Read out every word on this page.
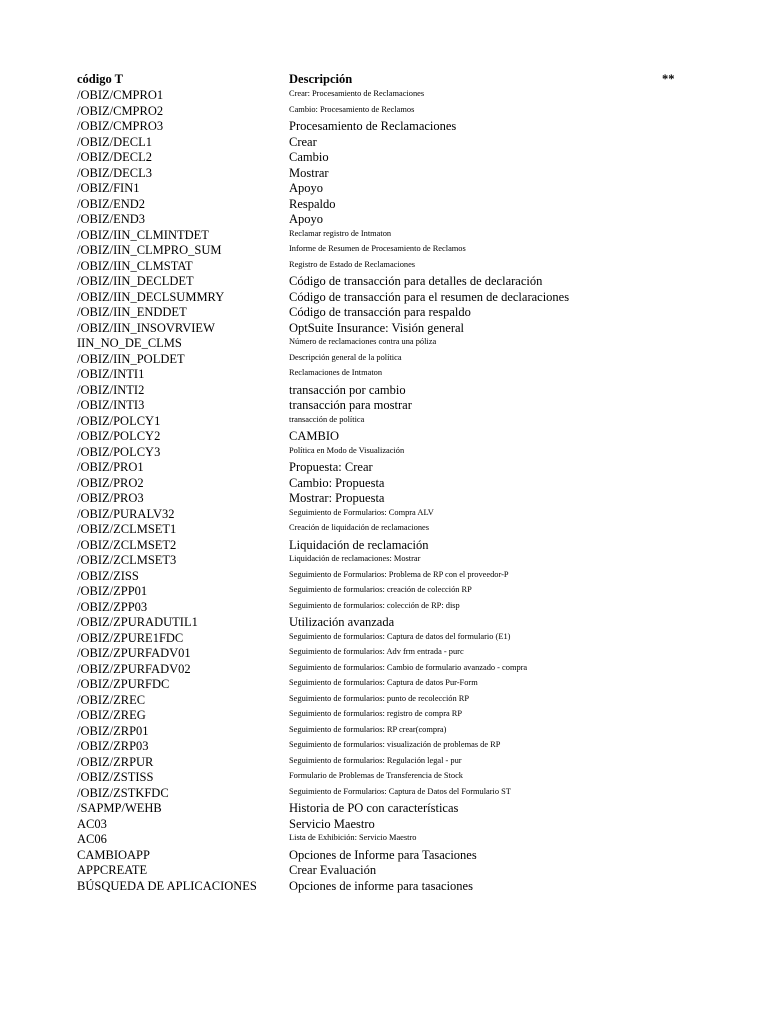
código T	Descripción	**
/OBIZ/CMPRO1	Crear: Procesamiento de Reclamaciones
/OBIZ/CMPRO2	Cambio: Procesamiento de Reclamos
/OBIZ/CMPRO3	Procesamiento de Reclamaciones
/OBIZ/DECL1	Crear
/OBIZ/DECL2	Cambio
/OBIZ/DECL3	Mostrar
/OBIZ/FIN1	Apoyo
/OBIZ/END2	Respaldo
/OBIZ/END3	Apoyo
/OBIZ/IIN_CLMINTDET	Reclamar registro de Intmaton
/OBIZ/IIN_CLMPRO_SUM	Informe de Resumen de Procesamiento de Reclamos
/OBIZ/IIN_CLMSTAT	Registro de Estado de Reclamaciones
/OBIZ/IIN_DECLDET	Código de transacción para detalles de declaración
/OBIZ/IIN_DECLSUMMRY	Código de transacción para el resumen de declaraciones
/OBIZ/IIN_ENDDET	Código de transacción para respaldo
/OBIZ/IIN_INSOVRVIEW	OptSuite Insurance: Visión general
IIN_NO_DE_CLMS	Número de reclamaciones contra una póliza
/OBIZ/IIN_POLDET	Descripción general de la política
/OBIZ/INTI1	Reclamaciones de Intmaton
/OBIZ/INTI2	transacción por cambio
/OBIZ/INTI3	transacción para mostrar
/OBIZ/POLCY1	transacción de política
/OBIZ/POLCY2	CAMBIO
/OBIZ/POLCY3	Política en Modo de Visualización
/OBIZ/PRO1	Propuesta: Crear
/OBIZ/PRO2	Cambio: Propuesta
/OBIZ/PRO3	Mostrar: Propuesta
/OBIZ/PURALV32	Seguimiento de Formularios: Compra ALV
/OBIZ/ZCLMSET1	Creación de liquidación de reclamaciones
/OBIZ/ZCLMSET2	Liquidación de reclamación
/OBIZ/ZCLMSET3	Liquidación de reclamaciones: Mostrar
/OBIZ/ZISS	Seguimiento de Formularios: Problema de RP con el proveedor-P
/OBIZ/ZPP01	Seguimiento de formularios: creación de colección RP
/OBIZ/ZPP03	Seguimiento de formularios: colección de RP: disp
/OBIZ/ZPURADUTIL1	Utilización avanzada
/OBIZ/ZPURE1FDC	Seguimiento de formularios: Captura de datos del formulario (E1)
/OBIZ/ZPURFADV01	Seguimiento de formularios: Adv frm entrada - purc
/OBIZ/ZPURFADV02	Seguimiento de formularios: Cambio de formulario avanzado - compra
/OBIZ/ZPURFDC	Seguimiento de formularios: Captura de datos Pur-Form
/OBIZ/ZREC	Seguimiento de formularios: punto de recolección RP
/OBIZ/ZREG	Seguimiento de formularios: registro de compra RP
/OBIZ/ZRP01	Seguimiento de formularios: RP crear(compra)
/OBIZ/ZRP03	Seguimiento de formularios: visualización de problemas de RP
/OBIZ/ZRPUR	Seguimiento de formularios: Regulación legal - pur
/OBIZ/ZSTISS	Formulario de Problemas de Transferencia de Stock
/OBIZ/ZSTKFDC	Seguimiento de Formularios: Captura de Datos del Formulario ST
/SAPMP/WEHB	Historia de PO con características
AC03	Servicio Maestro
AC06	Lista de Exhibición: Servicio Maestro
CAMBIOAPP	Opciones de Informe para Tasaciones
APPCREATE	Crear Evaluación
BÚSQUEDA DE APLICACIONES	Opciones de informe para tasaciones
